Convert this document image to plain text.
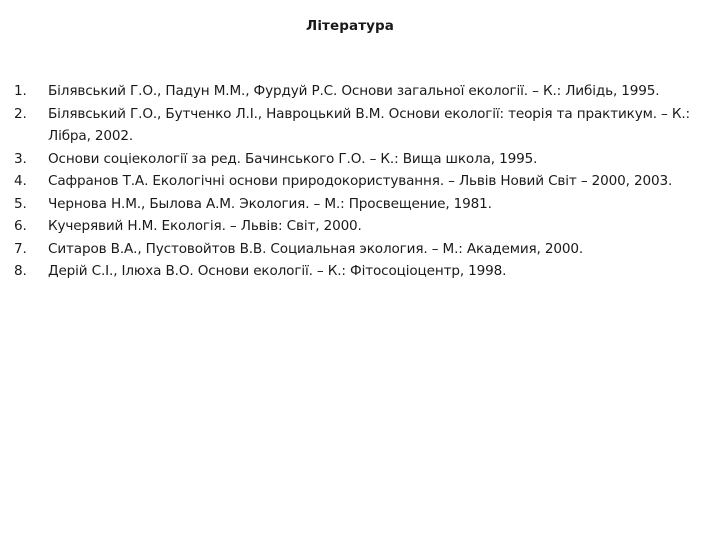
Література
1.	Білявський Г.О., Падун М.М., Фурдуй Р.С. Основи загальної екології. – К.: Либідь, 1995.
2.	Білявський Г.О., Бутченко Л.І., Навроцький В.М. Основи екології: теорія та практикум. – К.: Лібра, 2002.
3.	Основи соціекології за ред. Бачинського Г.О. – К.: Вища школа, 1995.
4.	Сафранов Т.А. Екологічні основи природокористування. – Львів Новий Світ – 2000, 2003.
5.	Чернова Н.М., Былова А.М. Экология. – М.: Просвещение, 1981.
6.	Кучерявий Н.М. Екологія. – Львів: Світ, 2000.
7.	Ситаров В.А., Пустовойтов В.В. Социальная экология. – М.: Академия, 2000.
8.	Дерій С.І., Ілюха В.О. Основи екології. – К.: Фітосоціоцентр, 1998.
